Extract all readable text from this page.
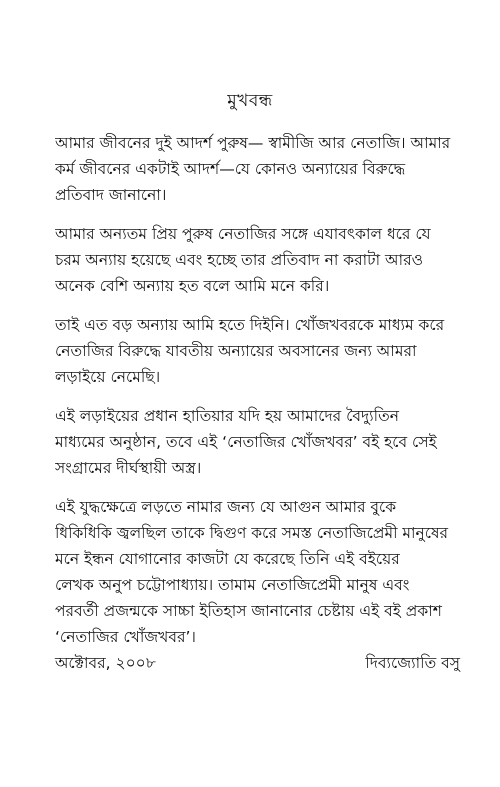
মুখবন্ধ
আমার জীবনের দুই আদর্শ পুরুষ— স্বামীজি আর নেতাজি। আমার
কর্ম জীবনের একটাই আদর্শ—যে কোনও অন্যায়ের বিরুদ্ধে
প্রতিবাদ জানানো।
আমার অন্যতম প্রিয় পুরুষ নেতাজির সঙ্গে এযাবৎকাল ধরে যে
চরম অন্যায় হয়েছে এবং হচ্ছে তার প্রতিবাদ না করাটা আরও
অনেক বেশি অন্যায় হত বলে আমি মনে করি।
তাই এত বড় অন্যায় আমি হতে দিইনি। খোঁজখবরকে মাধ্যম করে
নেতাজির বিরুদ্ধে যাবতীয় অন্যায়ের অবসানের জন্য আমরা
লড়াইয়ে নেমেছি।
এই লড়াইয়ের প্রধান হাতিয়ার যদি হয় আমাদের বৈদ্যুতিন
মাধ্যমের অনুষ্ঠান, তবে এই ‘নেতাজির খোঁজখবর’ বই হবে সেই
সংগ্রামের দীর্ঘস্থায়ী অস্ত্র।
এই যুদ্ধক্ষেত্রে লড়তে নামার জন্য যে আগুন আমার বুকে
ধিকিধিকি জ্বলছিল তাকে দ্বিগুণ করে সমস্ত নেতাজিপ্রেমী মানুষের
মনে ইন্ধন যোগানোর কাজটা যে করেছে তিনি এই বইয়ের
লেখক অনুপ চট্টোপাধ্যায়। তামাম নেতাজিপ্রেমী মানুষ এবং
পরবর্তী প্রজন্মকে সাচ্চা ইতিহাস জানানোর চেষ্টায় এই বই প্রকাশ
‘নেতাজির খোঁজখবর’।
অক্টোবর, ২০০৮	দিব্যজ্যোতি বসু
